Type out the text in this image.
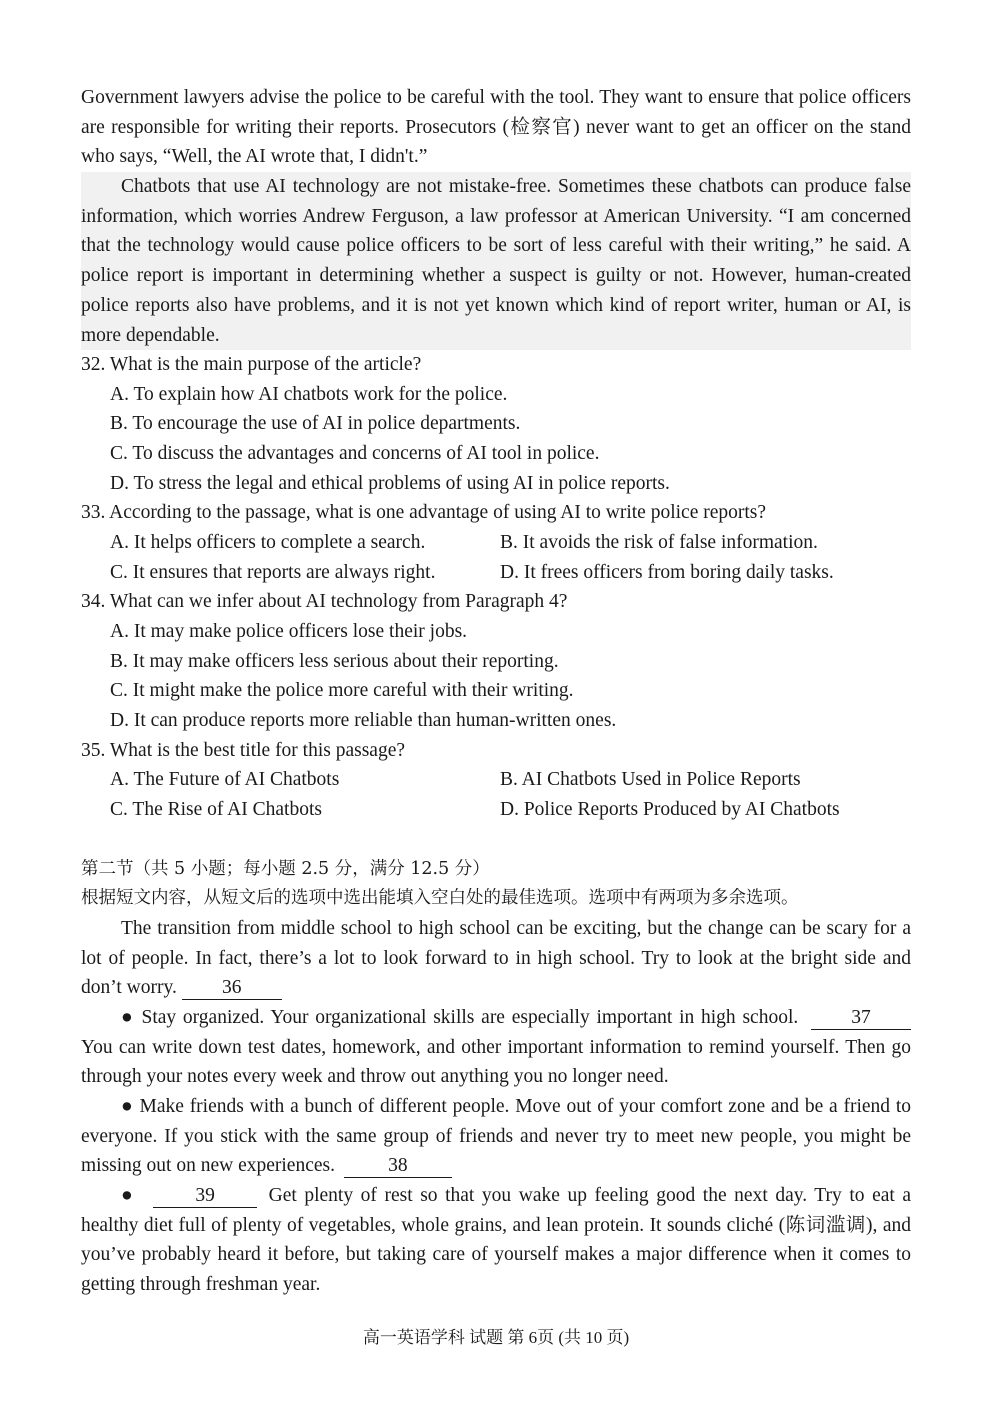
Government lawyers advise the police to be careful with the tool. They want to ensure that police officers are responsible for writing their reports. Prosecutors (检察官) never want to get an officer on the stand who says, “Well, the AI wrote that, I didn't.”

Chatbots that use AI technology are not mistake-free. Sometimes these chatbots can produce false information, which worries Andrew Ferguson, a law professor at American University. “I am concerned that the technology would cause police officers to be sort of less careful with their writing,” he said. A police report is important in determining whether a suspect is guilty or not. However, human-created police reports also have problems, and it is not yet known which kind of report writer, human or AI, is more dependable.

32. What is the main purpose of the article?

A. To explain how AI chatbots work for the police.

B. To encourage the use of AI in police departments.

C. To discuss the advantages and concerns of AI tool in police.

D. To stress the legal and ethical problems of using AI in police reports.

33. According to the passage, what is one advantage of using AI to write police reports?

A. It helps officers to complete a search.	B. It avoids the risk of false information.

C. It ensures that reports are always right.	D. It frees officers from boring daily tasks.

34. What can we infer about AI technology from Paragraph 4?

A. It may make police officers lose their jobs.

B. It may make officers less serious about their reporting.

C. It might make the police more careful with their writing.

D. It can produce reports more reliable than human-written ones.

35. What is the best title for this passage?

A. The Future of AI Chatbots	B. AI Chatbots Used in Police Reports

C. The Rise of AI Chatbots	D. Police Reports Produced by AI Chatbots

第二节（共 5 小题；每小题 2.5 分，满分 12.5 分）

根据短文内容，从短文后的选项中选出能填入空白处的最佳选项。选项中有两项为多余选项。

The transition from middle school to high school can be exciting, but the change can be scary for a lot of people. In fact, there’s a lot to look forward to in high school. Try to look at the bright side and don’t worry. 36

● Stay organized. Your organizational skills are especially important in high school.	37 You can write down test dates, homework, and other important information to remind yourself. Then go through your notes every week and throw out anything you no longer need.

● Make friends with a bunch of different people. Move out of your comfort zone and be a friend to everyone. If you stick with the same group of friends and never try to meet new people, you might be missing out on new experiences.	38

●	39	Get plenty of rest so that you wake up feeling good the next day. Try to eat a healthy diet full of plenty of vegetables, whole grains, and lean protein. It sounds cliché (陈词滥调), and you’ve probably heard it before, but taking care of yourself makes a major difference when it comes to getting through freshman year.

高一英语学科 试题 第 6页 (共 10 页)
